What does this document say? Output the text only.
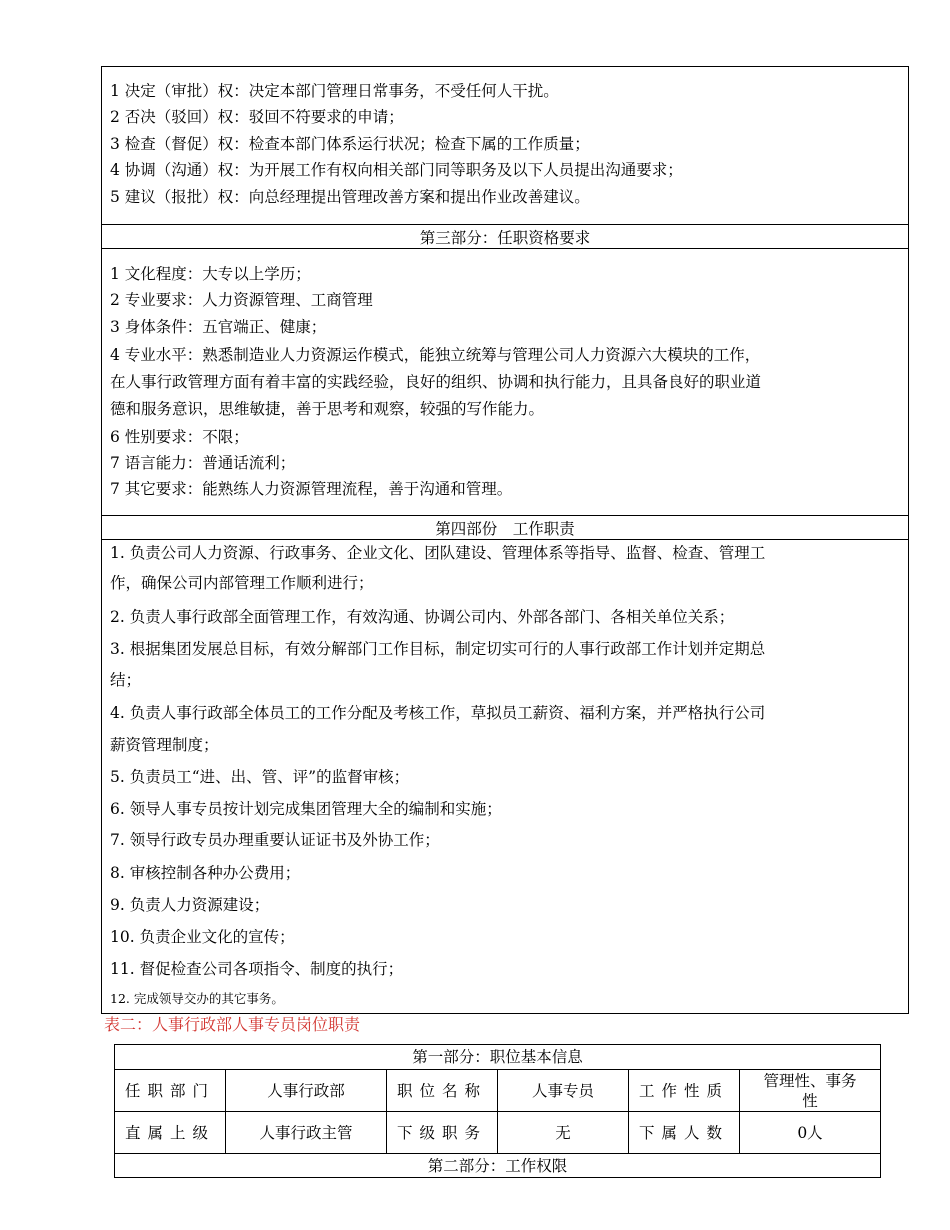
1 决定（审批）权：决定本部门管理日常事务，不受任何人干扰。
2 否决（驳回）权：驳回不符要求的申请；
3 检查（督促）权：检查本部门体系运行状况；检查下属的工作质量；
4 协调（沟通）权：为开展工作有权向相关部门同等职务及以下人员提出沟通要求；
5 建议（报批）权：向总经理提出管理改善方案和提出作业改善建议。
第三部分：任职资格要求
1 文化程度：大专以上学历；
2 专业要求：人力资源管理、工商管理
3 身体条件：五官端正、健康；
4 专业水平：熟悉制造业人力资源运作模式，能独立统筹与管理公司人力资源六大模块的工作，
在人事行政管理方面有着丰富的实践经验，良好的组织、协调和执行能力，且具备良好的职业道
德和服务意识，思维敏捷，善于思考和观察，较强的写作能力。
6 性别要求：不限；
7 语言能力：普通话流利；
7 其它要求：能熟练人力资源管理流程，善于沟通和管理。
第四部份　工作职责
1. 负责公司人力资源、行政事务、企业文化、团队建设、管理体系等指导、监督、检查、管理工
作，确保公司内部管理工作顺利进行；
2. 负责人事行政部全面管理工作，有效沟通、协调公司内、外部各部门、各相关单位关系；
3. 根据集团发展总目标，有效分解部门工作目标，制定切实可行的人事行政部工作计划并定期总
结；
4. 负责人事行政部全体员工的工作分配及考核工作，草拟员工薪资、福利方案，并严格执行公司
薪资管理制度；
5. 负责员工“进、出、管、评”的监督审核；
6. 领导人事专员按计划完成集团管理大全的编制和实施；
7. 领导行政专员办理重要认证证书及外协工作；
8. 审核控制各种办公费用；
9. 负责人力资源建设；
10. 负责企业文化的宣传；
11. 督促检查公司各项指令、制度的执行；
12. 完成领导交办的其它事务。
表二：人事行政部人事专员岗位职责
第一部分：职位基本信息					
任职部门	人事行政部	职位名称	人事专员	工作性质	管理性、事务性
直属上级	人事行政主管	下级职务	无	下属人数	0人
第二部分：工作权限					
